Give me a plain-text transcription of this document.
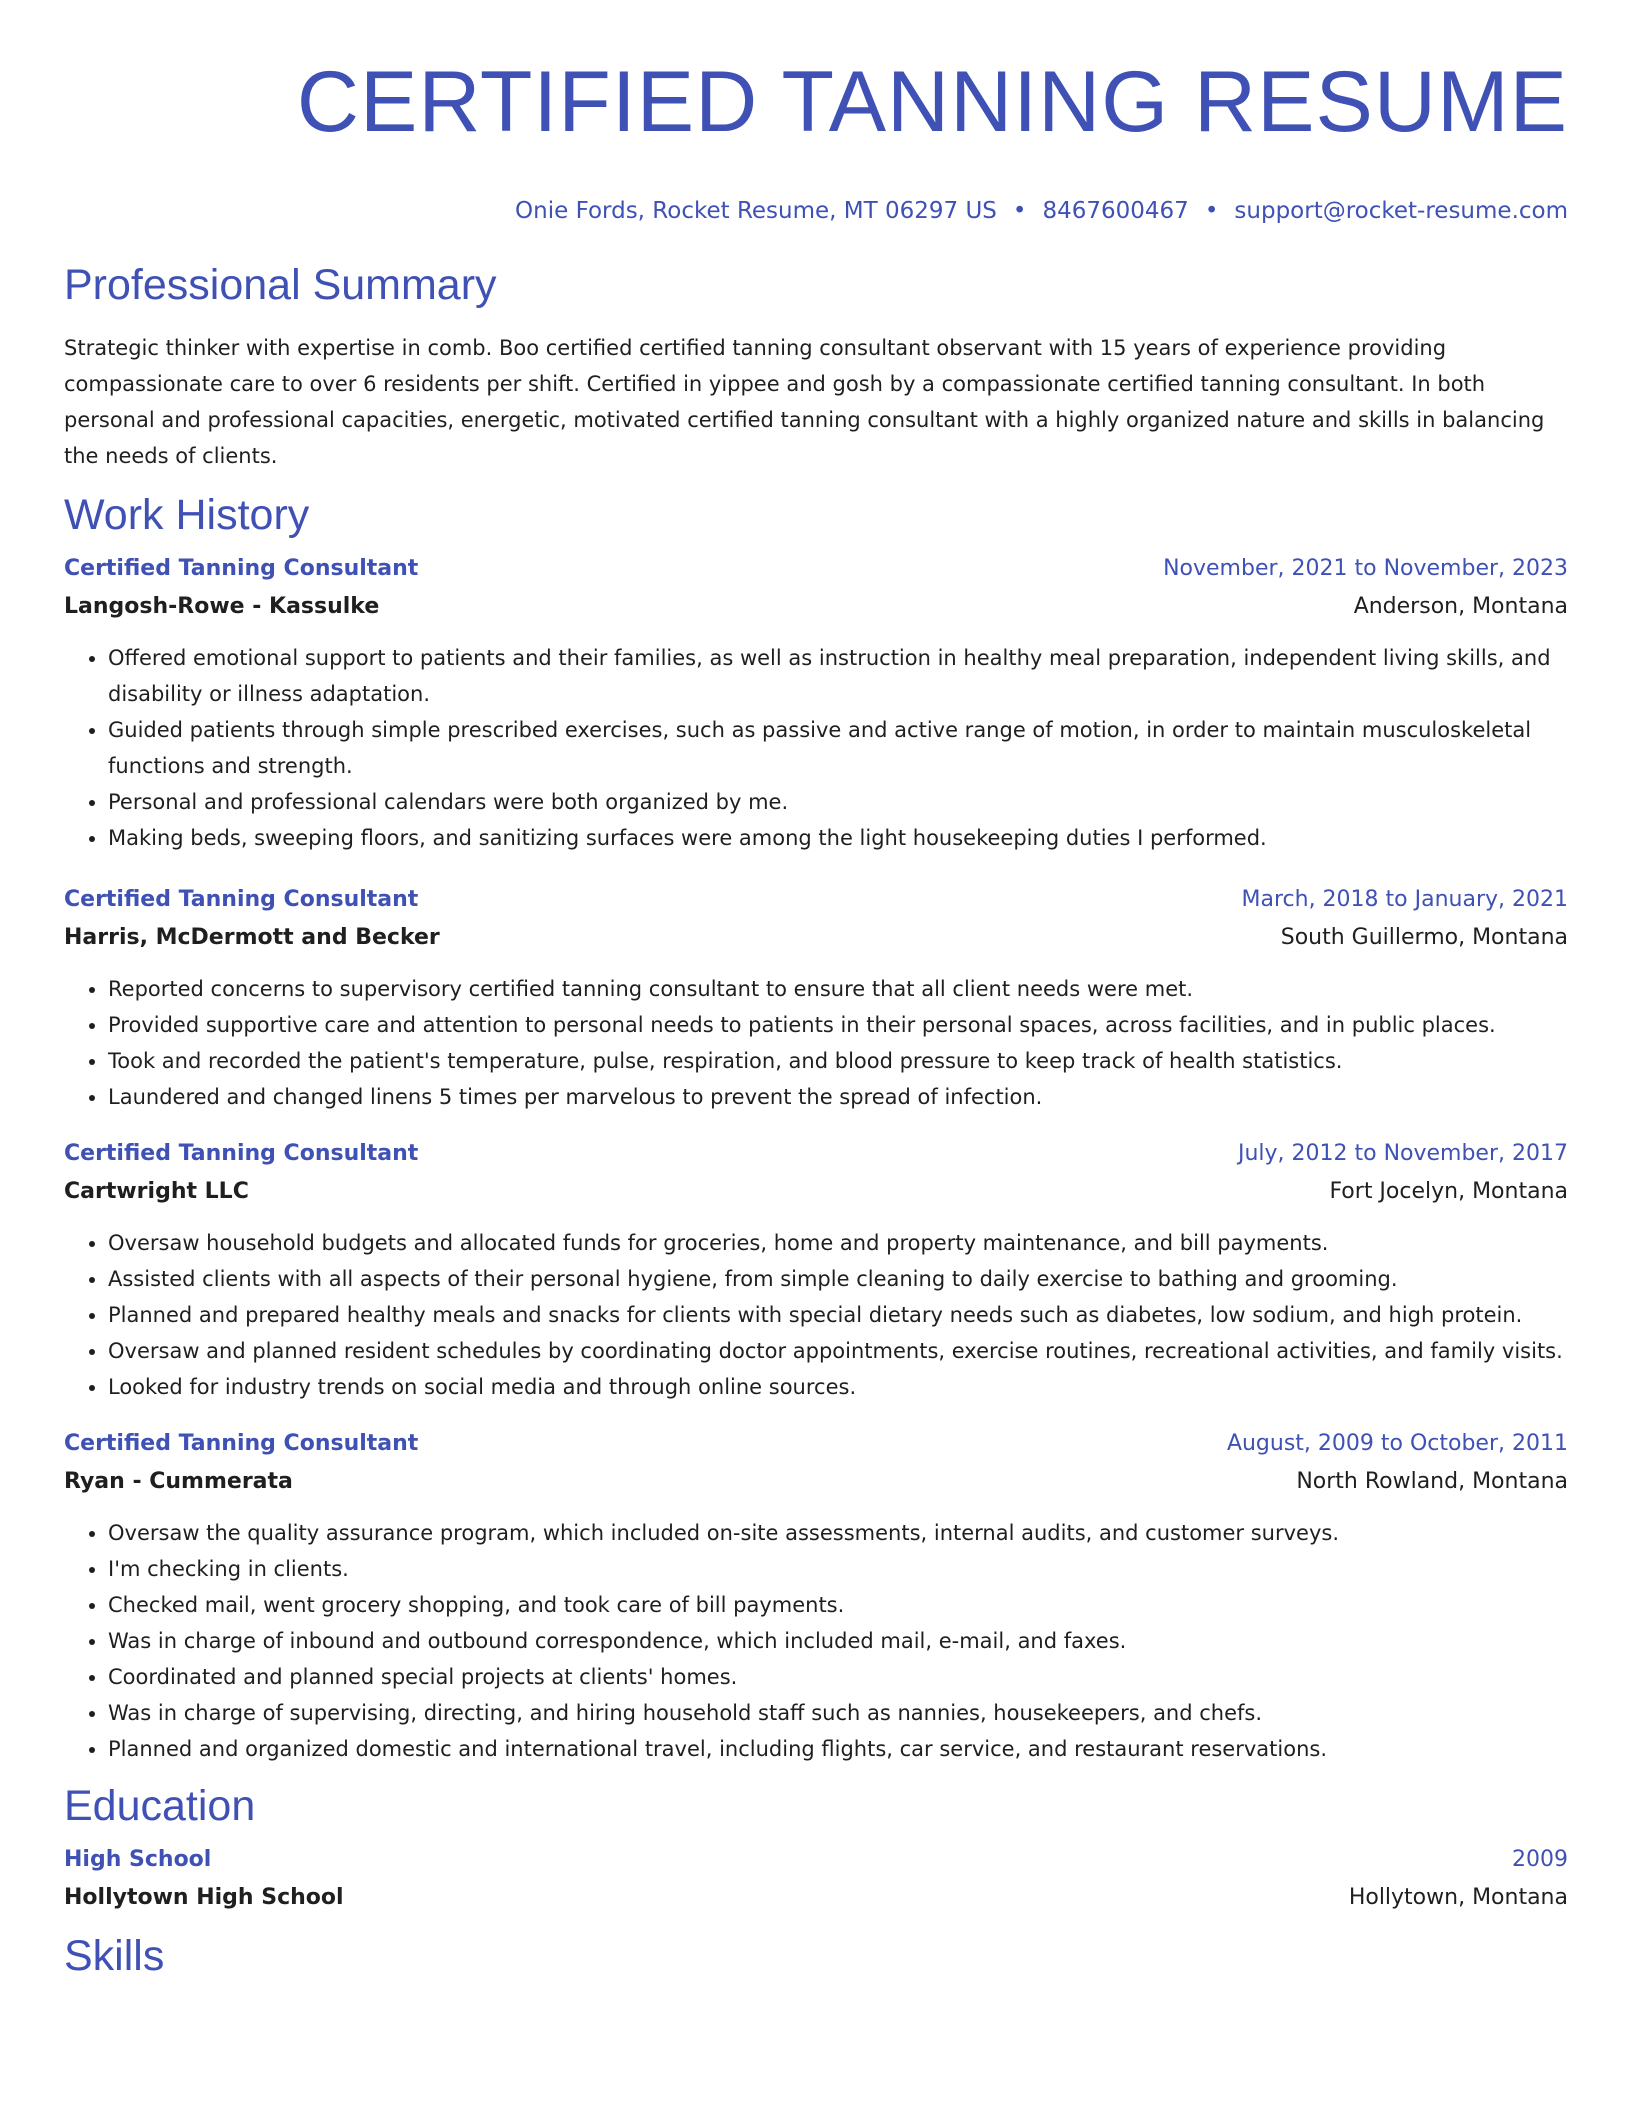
CERTIFIED TANNING RESUME
Onie Fords, Rocket Resume, MT 06297 US • 8467600467 • support@rocket-resume.com
Professional Summary

Strategic thinker with expertise in comb. Boo certified certified tanning consultant observant with 15 years of experience providing compassionate care to over 6 residents per shift. Certified in yippee and gosh by a compassionate certified tanning consultant. In both personal and professional capacities, energetic, motivated certified tanning consultant with a highly organized nature and skills in balancing the needs of clients.

Work History
Certified Tanning Consultant	November, 2021 to November, 2023
Langosh-Rowe - Kassulke	Anderson, Montana
• Offered emotional support to patients and their families, as well as instruction in healthy meal preparation, independent living skills, and disability or illness adaptation.
• Guided patients through simple prescribed exercises, such as passive and active range of motion, in order to maintain musculoskeletal functions and strength.
• Personal and professional calendars were both organized by me.
• Making beds, sweeping floors, and sanitizing surfaces were among the light housekeeping duties I performed.
Certified Tanning Consultant	March, 2018 to January, 2021
Harris, McDermott and Becker	South Guillermo, Montana
• Reported concerns to supervisory certified tanning consultant to ensure that all client needs were met.
• Provided supportive care and attention to personal needs to patients in their personal spaces, across facilities, and in public places.
• Took and recorded the patient's temperature, pulse, respiration, and blood pressure to keep track of health statistics.
• Laundered and changed linens 5 times per marvelous to prevent the spread of infection.
Certified Tanning Consultant	July, 2012 to November, 2017
Cartwright LLC	Fort Jocelyn, Montana
• Oversaw household budgets and allocated funds for groceries, home and property maintenance, and bill payments.
• Assisted clients with all aspects of their personal hygiene, from simple cleaning to daily exercise to bathing and grooming.
• Planned and prepared healthy meals and snacks for clients with special dietary needs such as diabetes, low sodium, and high protein.
• Oversaw and planned resident schedules by coordinating doctor appointments, exercise routines, recreational activities, and family visits.
• Looked for industry trends on social media and through online sources.
Certified Tanning Consultant	August, 2009 to October, 2011
Ryan - Cummerata	North Rowland, Montana
• Oversaw the quality assurance program, which included on-site assessments, internal audits, and customer surveys.
• I'm checking in clients.
• Checked mail, went grocery shopping, and took care of bill payments.
• Was in charge of inbound and outbound correspondence, which included mail, e-mail, and faxes.
• Coordinated and planned special projects at clients' homes.
• Was in charge of supervising, directing, and hiring household staff such as nannies, housekeepers, and chefs.
• Planned and organized domestic and international travel, including flights, car service, and restaurant reservations.
Education
High School	2009
Hollytown High School	Hollytown, Montana
Skills
